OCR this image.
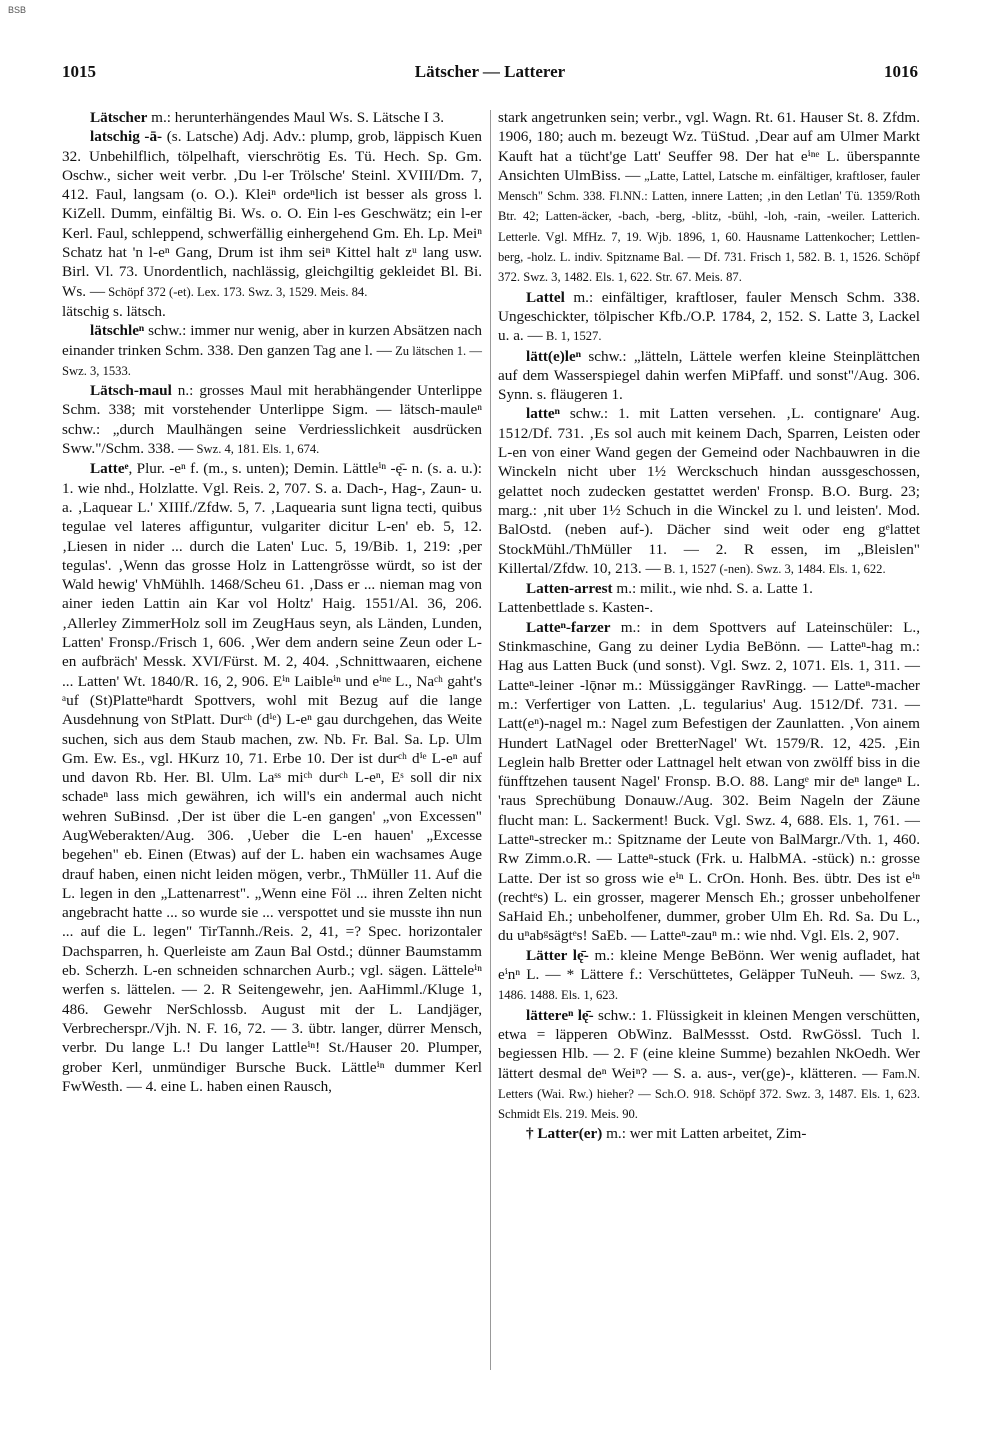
BSB
1015	Lätscher — Latterer	1016

Lätscher m.: herunterhängendes Maul Ws. S. Lätsche I 3.

latschig -ā- (s. Latsche) Adj. Adv.: plump, grob, läppisch Kuen 32. Unbehilflich, tölpelhaft, vierschrötig Es. Tü. Hech. Sp. Gm. Oschw., sicher weit verbr. ‚Du l-er Trölsche' Steinl. XVIII/Dm. 7, 412. Faul, langsam (o. O.). Kleiⁿ ordeⁿlich ist besser als gross l. KiZell. Dumm, einfältig Bi. Ws. o. O. Ein l-es Geschwätz; ein l-er Kerl. Faul, schleppend, schwerfällig einhergehend Gm. Eh. Lp. Meiⁿ Schatz hat 'n l-eⁿ Gang, Drum ist ihm seiⁿ Kittel halt zᵘ lang usw. Birl. Vl. 73. Unordentlich, nachlässig, gleichgiltig gekleidet Bl. Bi. Ws. — Schöpf 372 (-et). Lex. 173. Swz. 3, 1529. Meis. 84.

lätschig s. lätsch.

lätschleⁿ schw.: immer nur wenig, aber in kurzen Absätzen nach einander trinken Schm. 338. Den ganzen Tag ane l. — Zu lätschen 1. — Swz. 3, 1533.

Lätsch-maul n.: grosses Maul mit herabhängender Unterlippe Schm. 338; mit vorstehender Unterlippe Sigm. — lätsch-mauleⁿ schw.: „durch Maulhängen seine Verdriesslichkeit ausdrücken Sww."/Schm. 338. — Swz. 4, 181. Els. 1, 674.

Latteᵉ, Plur. -eⁿ f. (m., s. unten); Demin. Lättleⁱⁿ -ę̄- n. (s. a. u.): 1. wie nhd., Holzlatte. Vgl. Reis. 2, 707. S. a. Dach-, Hag-, Zaun- u. a. ‚Laquear L.' XIIIf./Zfdw. 5, 7. ‚Laquearia sunt ligna tecti, quibus tegulae vel lateres affiguntur, vulgariter dicitur L-en' eb. 5, 12. ‚Liesen in nider ... durch die Laten' Luc. 5, 19/Bib. 1, 219: ‚per tegulas'. ‚Wenn das grosse Holz in Lattengrösse würdt, so ist der Wald hewig' VhMühlh. 1468/Scheu 61. ‚Dass er ... nieman mag von ainer ieden Lattin ain Kar vol Holtz' Haig. 1551/Al. 36, 206. ‚Allerley ZimmerHolz soll im ZeugHaus seyn, als Länden, Lunden, Latten' Fronsp./Frisch 1, 606. ‚Wer dem andern seine Zeun oder L-en aufbräch' Messk. XVI/Fürst. M. 2, 404. ‚Schnittwaaren, eichene ... Latten' Wt. 1840/R. 16, 2, 906. Eⁱⁿ Laibleⁱⁿ und eⁱⁿᵉ L., Naᶜʰ gaht's ᵃuf (St)Platteⁿhardt Spottvers, wohl mit Bezug auf die lange Ausdehnung von StPlatt. Durᶜʰ (dⁱᵉ) L-eⁿ gau durchgehen, das Weite suchen, sich aus dem Staub machen, zw. Nb. Fr. Bal. Sa. Lp. Ulm Gm. Ew. Es., vgl. HKurz 10, 71. Erbe 10. Der ist durᶜʰ dⁱᵉ L-eⁿ auf und davon Rb. Her. Bl. Ulm. Laˢˢ miᶜʰ durᶜʰ L-eⁿ, Eˢ soll dir nix schadeⁿ lass mich gewähren, ich will's ein andermal auch nicht wehren SuBinsd. ‚Der ist über die L-en gangen' „von Excessen" AugWeberakten/Aug. 306. ‚Ueber die L-en hauen' „Excesse begehen" eb. Einen (Etwas) auf der L. haben ein wachsames Auge drauf haben, einen nicht leiden mögen, verbr., ThMüller 11. Auf die L. legen in den „Lattenarrest". „Wenn eine Föl ... ihren Zelten nicht angebracht hatte ... so wurde sie ... verspottet und sie musste ihn nun ... auf die L. legen" TirTannh./Reis. 2, 41, =? Spec. horizontaler Dachsparren, h. Querleiste am Zaun Bal Ostd.; dünner Baumstamm eb. Scherzh. L-en schneiden schnarchen Aurb.; vgl. sägen. Lätteleⁱⁿ werfen s. lättelen. — 2. R Seitengewehr, jen. AaHimml./Kluge 1, 486. Gewehr NerSchlossb. August mit der L. Landjäger, Verbrecherspr./Vjh. N. F. 16, 72. — 3. übtr. langer, dürrer Mensch, verbr. Du lange L.! Du langer Lattleⁱⁿ! St./Hauser 20. Plumper, grober Kerl, unmündiger Bursche Buck. Lättleⁱⁿ dummer Kerl FwWesth. — 4. eine L. haben einen Rausch,

stark angetrunken sein; verbr., vgl. Wagn. Rt. 61. Hauser St. 8. Zfdm. 1906, 180; auch m. bezeugt Wz. TüStud. ‚Dear auf am Ulmer Markt Kauft hat a tücht'ge Latt' Seuffer 98. Der hat eⁱⁿᵉ L. überspannte Ansichten UlmBiss. — „Latte, Lattel, Latsche m. einfältiger, kraftloser, fauler Mensch" Schm. 338. Fl.NN.: Latten, innere Latten; ‚in den Letlan' Tü. 1359/Roth Btr. 42; Latten-äcker, -bach, -berg, -blitz, -bühl, -loh, -rain, -weiler. Latterich. Letterle. Vgl. MfHz. 7, 19. Wjb. 1896, 1, 60. Hausname Lattenkocher; Lettlen-berg, -holz. L. indiv. Spitzname Bal. — Df. 731. Frisch 1, 582. B. 1, 1526. Schöpf 372. Swz. 3, 1482. Els. 1, 622. Str. 67. Meis. 87.

Lattel m.: einfältiger, kraftloser, fauler Mensch Schm. 338. Ungeschickter, tölpischer Kfb./O.P. 1784, 2, 152. S. Latte 3, Lackel u. a. — B. 1, 1527.

lätt(e)leⁿ schw.: „lätteln, Lättele werfen kleine Steinplättchen auf dem Wasserspiegel dahin werfen MiPfaff. und sonst"/Aug. 306. Synn. s. fläugeren 1.

latteⁿ schw.: 1. mit Latten versehen. ‚L. contignare' Aug. 1512/Df. 731. ‚Es sol auch mit keinem Dach, Sparren, Leisten oder L-en von einer Wand gegen der Gemeind oder Nachbauwren in die Winckeln nicht uber 1½ Werckschuch hindan aussgeschossen, gelattet noch zudecken gestattet werden' Fronsp. B.O. Burg. 23; marg.: ‚nit uber 1½ Schuch in die Winckel zu l. und leisten'. Mod. BalOstd. (neben auf-). Dächer sind weit oder eng gᵉlattet StockMühl./ThMüller 11. — 2. R essen, im „Bleislen" Killertal/Zfdw. 10, 213. — B. 1, 1527 (-nen). Swz. 3, 1484. Els. 1, 622.

Latten-arrest m.: milit., wie nhd. S. a. Latte 1.

Lattenbettlade s. Kasten-.

Latteⁿ-farzer m.: in dem Spottvers auf Lateinschüler: L., Stinkmaschine, Gang zu deiner Lydia BeBönn. — Latteⁿ-hag m.: Hag aus Latten Buck (und sonst). Vgl. Swz. 2, 1071. Els. 1, 311. — Latteⁿ-leiner -lǭnər m.: Müssiggänger RavRingg. — Latteⁿ-macher m.: Verfertiger von Latten. ‚L. tegularius' Aug. 1512/Df. 731. — Latt(eⁿ)-nagel m.: Nagel zum Befestigen der Zaunlatten. ‚Von ainem Hundert LatNagel oder BretterNagel' Wt. 1579/R. 12, 425. ‚Ein Leglein halb Bretter oder Lattnagel helt etwan von zwölff biss in die fünfftzehen tausent Nagel' Fronsp. B.O. 88. Langᵉ mir deⁿ langeⁿ L. 'raus Sprechübung Donauw./Aug. 302. Beim Nageln der Zäune flucht man: L. Sackerment! Buck. Vgl. Swz. 4, 688. Els. 1, 761. — Latteⁿ-strecker m.: Spitzname der Leute von BalMargr./Vth. 1, 460. Rw Zimm.o.R. — Latteⁿ-stuck (Frk. u. HalbMA. -stück) n.: grosse Latte. Der ist so gross wie eⁱⁿ L. CrOn. Honh. Bes. übtr. Des ist eⁱⁿ (rechtᵉs) L. ein grosser, magerer Mensch Eh.; grosser unbeholfener SaHaid Eh.; unbeholfener, dummer, grober Ulm Eh. Rd. Sa. Du L., du uⁿabᵍsägtᵉs! SaEb. — Latteⁿ-zauⁿ m.: wie nhd. Vgl. Els. 2, 907.

Lätter lę̄- m.: kleine Menge BeBönn. Wer wenig aufladet, hat eⁱnⁿ L. — * Lättere f.: Verschüttetes, Geläpper TuNeuh. — Swz. 3, 1486. 1488. Els. 1, 623.

lätterеⁿ lę̄- schw.: 1. Flüssigkeit in kleinen Mengen verschütten, etwa = läpperen ObWinz. BalMessst. Ostd. RwGössl. Tuch l. begiessen Hlb. — 2. F (eine kleine Summe) bezahlen NkOedh. Wer lättert desmal deⁿ Weiⁿ? — S. a. aus-, ver(ge)-, klätteren. — Fam.N. Letters (Wai. Rw.) hieher? — Sch.O. 918. Schöpf 372. Swz. 3, 1487. Els. 1, 623. Schmidt Els. 219. Meis. 90.

† Latter(er) m.: wer mit Latten arbeitet, Zim-
